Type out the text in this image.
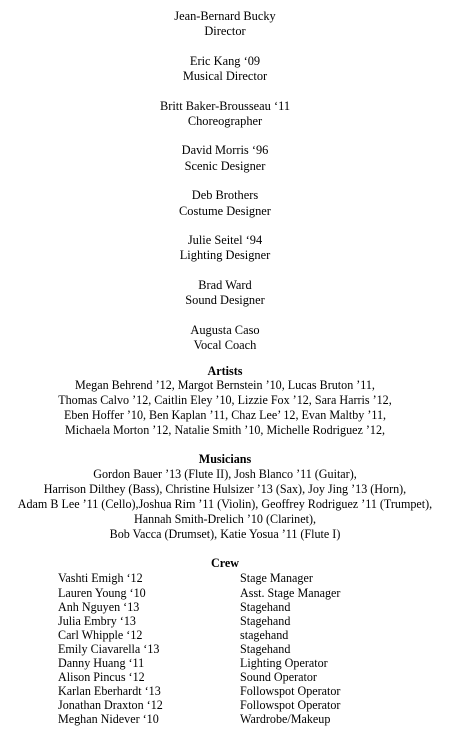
Jean-Bernard Bucky
Director
Eric Kang ‘09
Musical Director
Britt Baker-Brousseau ‘11
Choreographer
David Morris ‘96
Scenic Designer
Deb Brothers
Costume Designer
Julie Seitel ‘94
Lighting Designer
Brad Ward
Sound Designer
Augusta Caso
Vocal Coach
Artists
Megan Behrend ’12, Margot Bernstein ’10, Lucas Bruton ’11,
Thomas Calvo ’12, Caitlin Eley ’10, Lizzie Fox ’12, Sara Harris ’12,
Eben Hoffer ’10, Ben Kaplan ’11, Chaz Lee’ 12, Evan Maltby ’11,
Michaela Morton ’12, Natalie Smith ’10, Michelle Rodriguez ’12,
Musicians
Gordon Bauer ’13 (Flute II), Josh Blanco ’11 (Guitar),
Harrison Dilthey (Bass), Christine Hulsizer ’13 (Sax), Joy Jing ’13 (Horn),
Adam B Lee ’11 (Cello),Joshua Rim ’11 (Violin), Geoffrey Rodriguez ’11 (Trumpet),
Hannah Smith-Drelich ’10 (Clarinet),
Bob Vacca (Drumset), Katie Yosua ’11 (Flute I)
Crew
Vashti Emigh ‘12	Stage Manager
Lauren Young ‘10	Asst. Stage Manager
Anh Nguyen ‘13	Stagehand
Julia Embry ‘13	Stagehand
Carl Whipple ‘12	stagehand
Emily Ciavarella ‘13	Stagehand
Danny Huang ‘11	Lighting Operator
Alison Pincus ‘12	Sound Operator
Karlan Eberhardt ‘13	Followspot Operator
Jonathan Draxton ‘12	Followspot Operator
Meghan Nidever ‘10	Wardrobe/Makeup
